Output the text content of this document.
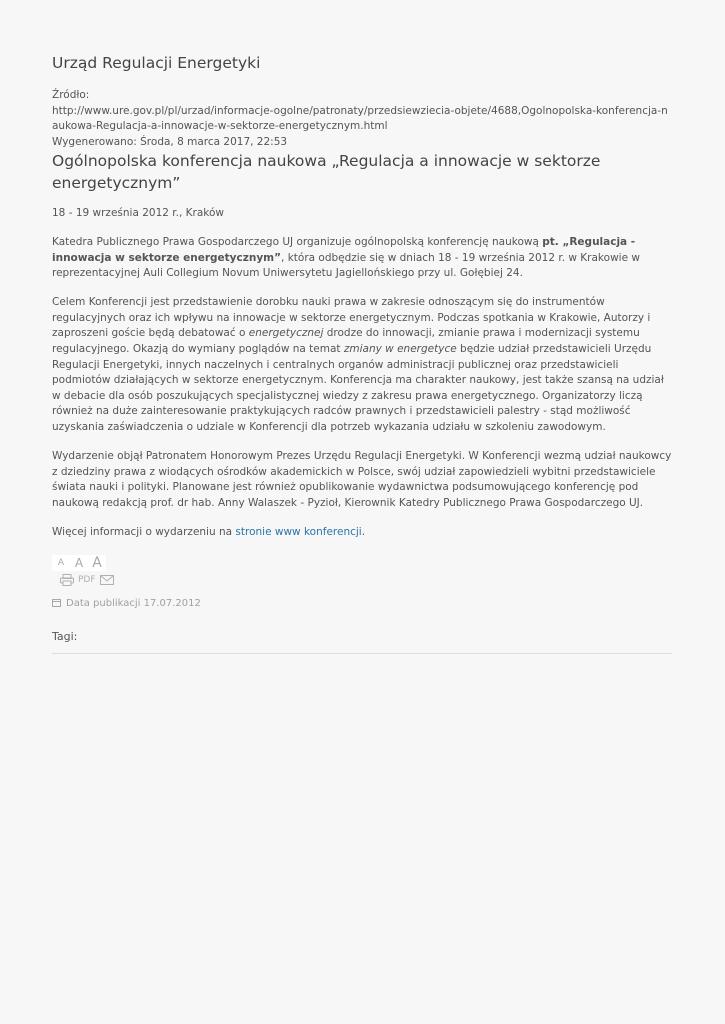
Urząd Regulacji Energetyki
Źródło:
http://www.ure.gov.pl/pl/urzad/informacje-ogolne/patronaty/przedsiewziecia-objete/4688,Ogolnopolska-konferencja-naukowa-Regulacja-a-innowacje-w-sektorze-energetycznym.html
Wygenerowano: Środa, 8 marca 2017, 22:53
Ogólnopolska konferencja naukowa „Regulacja a innowacje w sektorze energetycznym”

18 - 19 września 2012 r., Kraków

Katedra Publicznego Prawa Gospodarczego UJ organizuje ogólnopolską konferencję naukową pt. „Regulacja - innowacja w sektorze energetycznym”, która odbędzie się w dniach 18 - 19 września 2012 r. w Krakowie w reprezentacyjnej Auli Collegium Novum Uniwersytetu Jagiellońskiego przy ul. Gołębiej 24.

Celem Konferencji jest przedstawienie dorobku nauki prawa w zakresie odnoszącym się do instrumentów regulacyjnych oraz ich wpływu na innowacje w sektorze energetycznym. Podczas spotkania w Krakowie, Autorzy i zaproszeni goście będą debatować o energetycznej drodze do innowacji, zmianie prawa i modernizacji systemu regulacyjnego. Okazją do wymiany poglądów na temat zmiany w energetyce będzie udział przedstawicieli Urzędu Regulacji Energetyki, innych naczelnych i centralnych organów administracji publicznej oraz przedstawicieli podmiotów działających w sektorze energetycznym. Konferencja ma charakter naukowy, jest także szansą na udział w debacie dla osób poszukujących specjalistycznej wiedzy z zakresu prawa energetycznego. Organizatorzy liczą również na duże zainteresowanie praktykujących radców prawnych i przedstawicieli palestry - stąd możliwość uzyskania zaświadczenia o udziale w Konferencji dla potrzeb wykazania udziału w szkoleniu zawodowym.

Wydarzenie objął Patronatem Honorowym Prezes Urzędu Regulacji Energetyki. W Konferencji wezmą udział naukowcy z dziedziny prawa z wiodących ośrodków akademickich w Polsce, swój udział zapowiedzieli wybitni przedstawiciele świata nauki i polityki. Planowane jest również opublikowanie wydawnictwa podsumowującego konferencję pod naukową redakcją prof. dr hab. Anny Walaszek - Pyzioł, Kierownik Katedry Publicznego Prawa Gospodarczego UJ.

Więcej informacji o wydarzeniu na stronie www konferencji.

A A A
PDF
Data publikacji 17.07.2012
Tagi:
